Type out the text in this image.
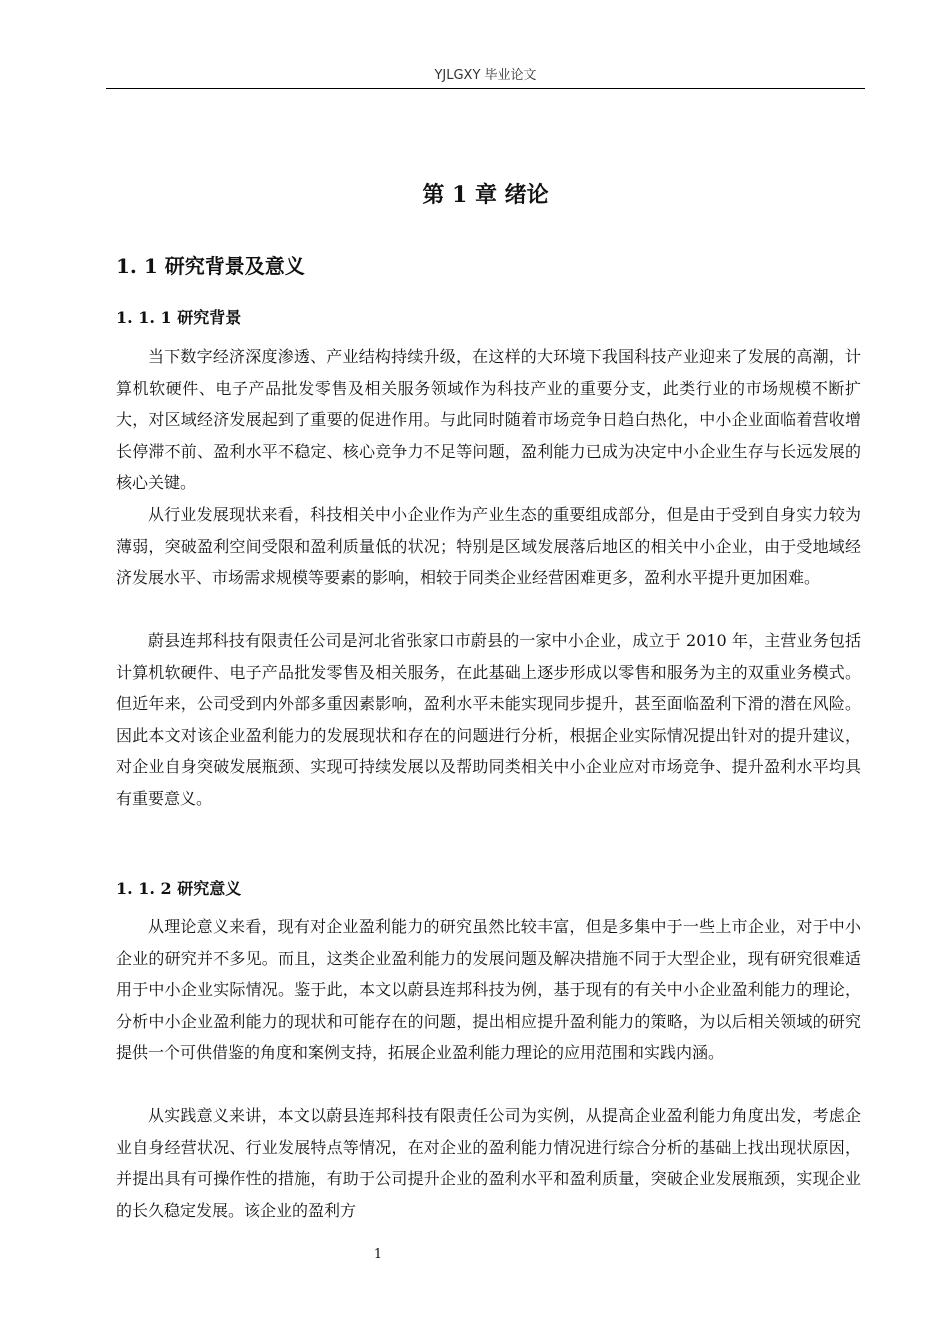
YJLGXY 毕业论文
第 1 章 绪论
1. 1 研究背景及意义
1. 1. 1 研究背景

当下数字经济深度渗透、产业结构持续升级，在这样的大环境下我国科技产业迎来了发展的高潮，计算机软硬件、电子产品批发零售及相关服务领域作为科技产业的重要分支，此类行业的市场规模不断扩大，对区域经济发展起到了重要的促进作用。与此同时随着市场竞争日趋白热化，中小企业面临着营收增长停滞不前、盈利水平不稳定、核心竞争力不足等问题，盈利能力已成为决定中小企业生存与长远发展的核心关键。

从行业发展现状来看，科技相关中小企业作为产业生态的重要组成部分，但是由于受到自身实力较为薄弱，突破盈利空间受限和盈利质量低的状况；特别是区域发展落后地区的相关中小企业，由于受地域经济发展水平、市场需求规模等要素的影响，相较于同类企业经营困难更多，盈利水平提升更加困难。

蔚县连邦科技有限责任公司是河北省张家口市蔚县的一家中小企业，成立于 2010 年，主营业务包括计算机软硬件、电子产品批发零售及相关服务，在此基础上逐步形成以零售和服务为主的双重业务模式。但近年来，公司受到内外部多重因素影响，盈利水平未能实现同步提升，甚至面临盈利下滑的潜在风险。因此本文对该企业盈利能力的发展现状和存在的问题进行分析，根据企业实际情况提出针对的提升建议，对企业自身突破发展瓶颈、实现可持续发展以及帮助同类相关中小企业应对市场竞争、提升盈利水平均具有重要意义。

1. 1. 2 研究意义

从理论意义来看，现有对企业盈利能力的研究虽然比较丰富，但是多集中于一些上市企业，对于中小企业的研究并不多见。而且，这类企业盈利能力的发展问题及解决措施不同于大型企业，现有研究很难适用于中小企业实际情况。鉴于此，本文以蔚县连邦科技为例，基于现有的有关中小企业盈利能力的理论，分析中小企业盈利能力的现状和可能存在的问题，提出相应提升盈利能力的策略，为以后相关领域的研究提供一个可供借鉴的角度和案例支持，拓展企业盈利能力理论的应用范围和实践内涵。

从实践意义来讲，本文以蔚县连邦科技有限责任公司为实例，从提高企业盈利能力角度出发，考虑企业自身经营状况、行业发展特点等情况，在对企业的盈利能力情况进行综合分析的基础上找出现状原因，并提出具有可操作性的措施，有助于公司提升企业的盈利水平和盈利质量，突破企业发展瓶颈，实现企业的长久稳定发展。该企业的盈利方

1
